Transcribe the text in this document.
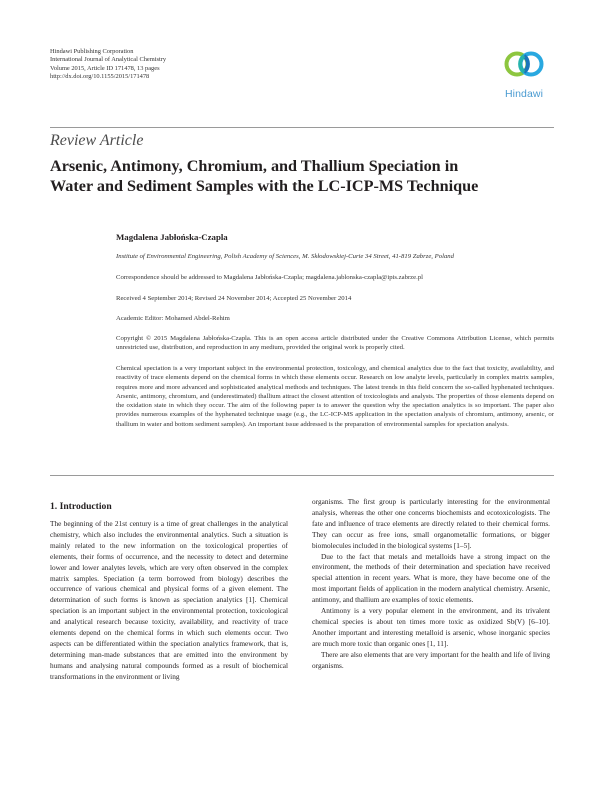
Hindawi Publishing Corporation
International Journal of Analytical Chemistry
Volume 2015, Article ID 171478, 13 pages
http://dx.doi.org/10.1155/2015/171478
Hindawi
Review Article
Arsenic, Antimony, Chromium, and Thallium Speciation in
Water and Sediment Samples with the LC-ICP-MS Technique
Magdalena Jabłońska-Czapla
Institute of Environmental Engineering, Polish Academy of Sciences, M. Skłodowskiej-Curie 34 Street, 41-819 Zabrze, Poland
Correspondence should be addressed to Magdalena Jabłońska-Czapla; magdalena.jablonska-czapla@ipis.zabrze.pl
Received 4 September 2014; Revised 24 November 2014; Accepted 25 November 2014
Academic Editor: Mohamed Abdel-Rehim
Copyright © 2015 Magdalena Jabłońska-Czapla. This is an open access article distributed under the Creative Commons Attribution License, which permits unrestricted use, distribution, and reproduction in any medium, provided the original work is properly cited.
Chemical speciation is a very important subject in the environmental protection, toxicology, and chemical analytics due to the fact that toxicity, availability, and reactivity of trace elements depend on the chemical forms in which these elements occur. Research on low analyte levels, particularly in complex matrix samples, requires more and more advanced and sophisticated analytical methods and techniques. The latest trends in this field concern the so-called hyphenated techniques. Arsenic, antimony, chromium, and (underestimated) thallium attract the closest attention of toxicologists and analysts. The properties of those elements depend on the oxidation state in which they occur. The aim of the following paper is to answer the question why the speciation analytics is so important. The paper also provides numerous examples of the hyphenated technique usage (e.g., the LC-ICP-MS application in the speciation analysis of chromium, antimony, arsenic, or thallium in water and bottom sediment samples). An important issue addressed is the preparation of environmental samples for speciation analysis.
1. Introduction

The beginning of the 21st century is a time of great challenges in the analytical chemistry, which also includes the environmental analytics. Such a situation is mainly related to the new information on the toxicological properties of elements, their forms of occurrence, and the necessity to detect and determine lower and lower analytes levels, which are very often observed in the complex matrix samples. Speciation (a term borrowed from biology) describes the occurrence of various chemical and physical forms of a given element. The determination of such forms is known as speciation analytics [1]. Chemical speciation is an important subject in the environmental protection, toxicological and analytical research because toxicity, availability, and reactivity of trace elements depend on the chemical forms in which such elements occur. Two aspects can be differentiated within the speciation analytics framework, that is, determining man-made substances that are emitted into the environment by humans and analysing natural compounds formed as a result of biochemical transformations in the environment or living

organisms. The first group is particularly interesting for the environmental analysis, whereas the other one concerns biochemists and ecotoxicologists. The fate and influence of trace elements are directly related to their chemical forms. They can occur as free ions, small organometallic formations, or bigger biomolecules included in the biological systems [1–5].

Due to the fact that metals and metalloids have a strong impact on the environment, the methods of their determination and speciation have received special attention in recent years. What is more, they have become one of the most important fields of application in the modern analytical chemistry. Arsenic, antimony, and thallium are examples of toxic elements.

Antimony is a very popular element in the environment, and its trivalent chemical species is about ten times more toxic as oxidized Sb(V) [6–10]. Another important and interesting metalloid is arsenic, whose inorganic species are much more toxic than organic ones [1, 11].

There are also elements that are very important for the health and life of living organisms.
